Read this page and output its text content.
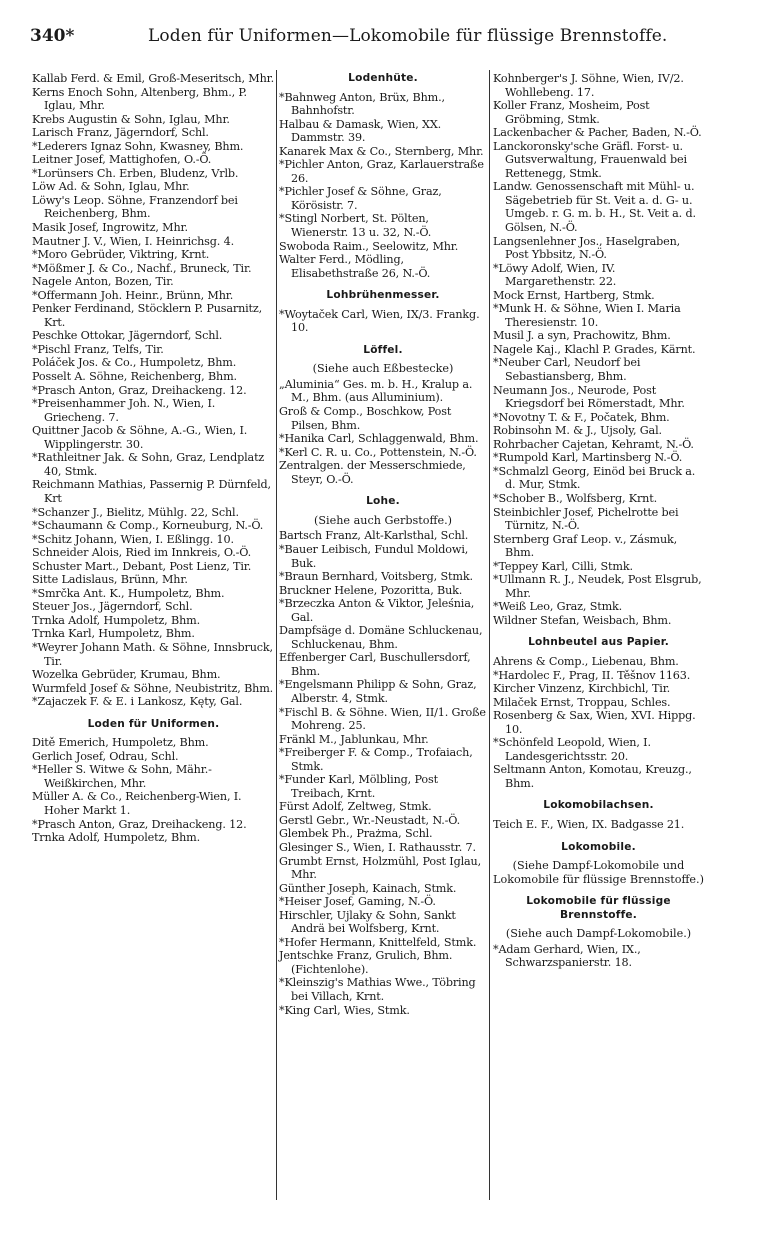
340*	Loden für Uniformen—Lokomobile für flüssige Brennstoffe.

Kallab Ferd. & Emil, Groß-Meseritsch, Mhr.

Kerns Enoch Sohn, Altenberg, Bhm., P. Iglau, Mhr.

Krebs Augustin & Sohn, Iglau, Mhr.

Larisch Franz, Jägerndorf, Schl.

*Lederers Ignaz Sohn, Kwasney, Bhm.

Leitner Josef, Mattighofen, O.-Ö.

*Lorünsers Ch. Erben, Bludenz, Vrlb.

Löw Ad. & Sohn, Iglau, Mhr.

Löwy's Leop. Söhne, Franzendorf bei Reichenberg, Bhm.

Masik Josef, Ingrowitz, Mhr.

Mautner J. V., Wien, I. Heinrichsg. 4.

*Moro Gebrüder, Viktring, Krnt.

*Mößmer J. & Co., Nachf., Bruneck, Tir.

Nagele Anton, Bozen, Tir.

*Offermann Joh. Heinr., Brünn, Mhr.

Penker Ferdinand, Stöcklern P. Pusarnitz, Krt.

Peschke Ottokar, Jägerndorf, Schl.

*Pischl Franz, Telfs, Tir.

Poláček Jos. & Co., Humpoletz, Bhm.

Posselt A. Söhne, Reichenberg, Bhm.

*Prasch Anton, Graz, Dreihackeng. 12.

*Preisenhammer Joh. N., Wien, I. Griecheng. 7.

Quittner Jacob & Söhne, A.-G., Wien, I. Wipplingerstr. 30.

*Rathleitner Jak. & Sohn, Graz, Lendplatz 40, Stmk.

Reichmann Mathias, Passernig P. Dürnfeld, Krt

*Schanzer J., Bielitz, Mühlg. 22, Schl.

*Schaumann & Comp., Korneuburg, N.-Ö.

*Schitz Johann, Wien, I. Eßlingg. 10.

Schneider Alois, Ried im Innkreis, O.-Ö.

Schuster Mart., Debant, Post Lienz, Tir.

Sitte Ladislaus, Brünn, Mhr.

*Smrčka Ant. K., Humpoletz, Bhm.

Steuer Jos., Jägerndorf, Schl.

Trnka Adolf, Humpoletz, Bhm.

Trnka Karl, Humpoletz, Bhm.

*Weyrer Johann Math. & Söhne, Innsbruck, Tir.

Wozelka Gebrüder, Krumau, Bhm.

Wurmfeld Josef & Söhne, Neubistritz, Bhm.

*Zajaczek F. & E. i Lankosz, Kęty, Gal.

Loden für Uniformen.

Ditě Emerich, Humpoletz, Bhm.

Gerlich Josef, Odrau, Schl.

*Heller S. Witwe & Sohn, Mähr.-Weißkirchen, Mhr.

Müller A. & Co., Reichenberg-Wien, I. Hoher Markt 1.

*Prasch Anton, Graz, Dreihackeng. 12.

Trnka Adolf, Humpoletz, Bhm.

Lodenhüte.

*Bahnweg Anton, Brüx, Bhm., Bahnhofstr.

Halbau & Damask, Wien, XX. Dammstr. 39.

Kanarek Max & Co., Sternberg, Mhr.

*Pichler Anton, Graz, Karlauerstraße 26.

*Pichler Josef & Söhne, Graz, Körösistr. 7.

*Stingl Norbert, St. Pölten, Wienerstr. 13 u. 32, N.-Ö.

Swoboda Raim., Seelowitz, Mhr.

Walter Ferd., Mödling, Elisabethstraße 26, N.-Ö.

Lohbrühenmesser.

*Woytaček Carl, Wien, IX/3. Frankg. 10.

Löffel.
(Siehe auch Eßbestecke)

„Aluminia“ Ges. m. b. H., Kralup a. M., Bhm. (aus Alluminium).

Groß & Comp., Boschkow, Post Pilsen, Bhm.

*Hanika Carl, Schlaggenwald, Bhm.

*Kerl C. R. u. Co., Pottenstein, N.-Ö.

Zentralgen. der Messerschmiede, Steyr, O.-Ö.

Lohe.
(Siehe auch Gerbstoffe.)

Bartsch Franz, Alt-Karlsthal, Schl.

*Bauer Leibisch, Fundul Moldowi, Buk.

*Braun Bernhard, Voitsberg, Stmk.

Bruckner Helene, Pozoritta, Buk.

*Brzeczka Anton & Viktor, Jeleśnia, Gal.

Dampfsäge d. Domäne Schluckenau, Schluckenau, Bhm.

Effenberger Carl, Buschullersdorf, Bhm.

*Engelsmann Philipp & Sohn, Graz, Alberstr. 4, Stmk.

*Fischl B. & Söhne. Wien, II/1. Große Mohreng. 25.

Fränkl M., Jablunkau, Mhr.

*Freiberger F. & Comp., Trofaiach, Stmk.

*Funder Karl, Mölbling, Post Treibach, Krnt.

Fürst Adolf, Zeltweg, Stmk.

Gerstl Gebr., Wr.-Neustadt, N.-Ö.

Glembek Ph., Prażma, Schl.

Glesinger S., Wien, I. Rathausstr. 7.

Grumbt Ernst, Holzmühl, Post Iglau, Mhr.

Günther Joseph, Kainach, Stmk.

*Heiser Josef, Gaming, N.-Ö.

Hirschler, Ujlaky & Sohn, Sankt Andrä bei Wolfsberg, Krnt.

*Hofer Hermann, Knittelfeld, Stmk.

Jentschke Franz, Grulich, Bhm. (Fichtenlohe).

*Kleinszig's Mathias Wwe., Töbring bei Villach, Krnt.

*King Carl, Wies, Stmk.

Kohnberger's J. Söhne, Wien, IV/2. Wohllebeng. 17.

Koller Franz, Mosheim, Post Gröbming, Stmk.

Lackenbacher & Pacher, Baden, N.-Ö.

Lanckoronsky'sche Gräfl. Forst- u. Gutsverwaltung, Frauenwald bei Rettenegg, Stmk.

Landw. Genossenschaft mit Mühl- u. Sägebetrieb für St. Veit a. d. G- u. Umgeb. r. G. m. b. H., St. Veit a. d. Gölsen, N.-Ö.

Langsenlehner Jos., Haselgraben, Post Ybbsitz, N.-Ö.

*Löwy Adolf, Wien, IV. Margarethenstr. 22.

Mock Ernst, Hartberg, Stmk.

*Munk H. & Söhne, Wien I. Maria Theresienstr. 10.

Musil J. a syn, Prachowitz, Bhm.

Nagele Kaj., Klachl P. Grades, Kärnt.

*Neuber Carl, Neudorf bei Sebastiansberg, Bhm.

Neumann Jos., Neurode, Post Kriegsdorf bei Römerstadt, Mhr.

*Novotny T. & F., Počatek, Bhm.

Robinsohn M. & J., Ujsoly, Gal.

Rohrbacher Cajetan, Kehramt, N.-Ö.

*Rumpold Karl, Martinsberg N.-Ö.

*Schmalzl Georg, Einöd bei Bruck a. d. Mur, Stmk.

*Schober B., Wolfsberg, Krnt.

Steinbichler Josef, Pichelrotte bei Türnitz, N.-Ö.

Sternberg Graf Leop. v., Zásmuk, Bhm.

*Teppey Karl, Cilli, Stmk.

*Ullmann R. J., Neudek, Post Elsgrub, Mhr.

*Weiß Leo, Graz, Stmk.

Wildner Stefan, Weisbach, Bhm.

Lohnbeutel aus Papier.

Ahrens & Comp., Liebenau, Bhm.

*Hardolec F., Prag, II. Těšnov 1163.

Kircher Vinzenz, Kirchbichl, Tir.

Milaček Ernst, Troppau, Schles.

Rosenberg & Sax, Wien, XVI. Hippg. 10.

*Schönfeld Leopold, Wien, I. Landesgerichtsstr. 20.

Seltmann Anton, Komotau, Kreuzg., Bhm.

Lokomobilachsen.

Teich E. F., Wien, IX. Badgasse 21.

Lokomobile.
(Siehe Dampf-Lokomobile und Lokomobile für flüssige Brennstoffe.)
Lokomobile für flüssige Brennstoffe.
(Siehe auch Dampf-Lokomobile.)

*Adam Gerhard, Wien, IX., Schwarzspanierstr. 18.
